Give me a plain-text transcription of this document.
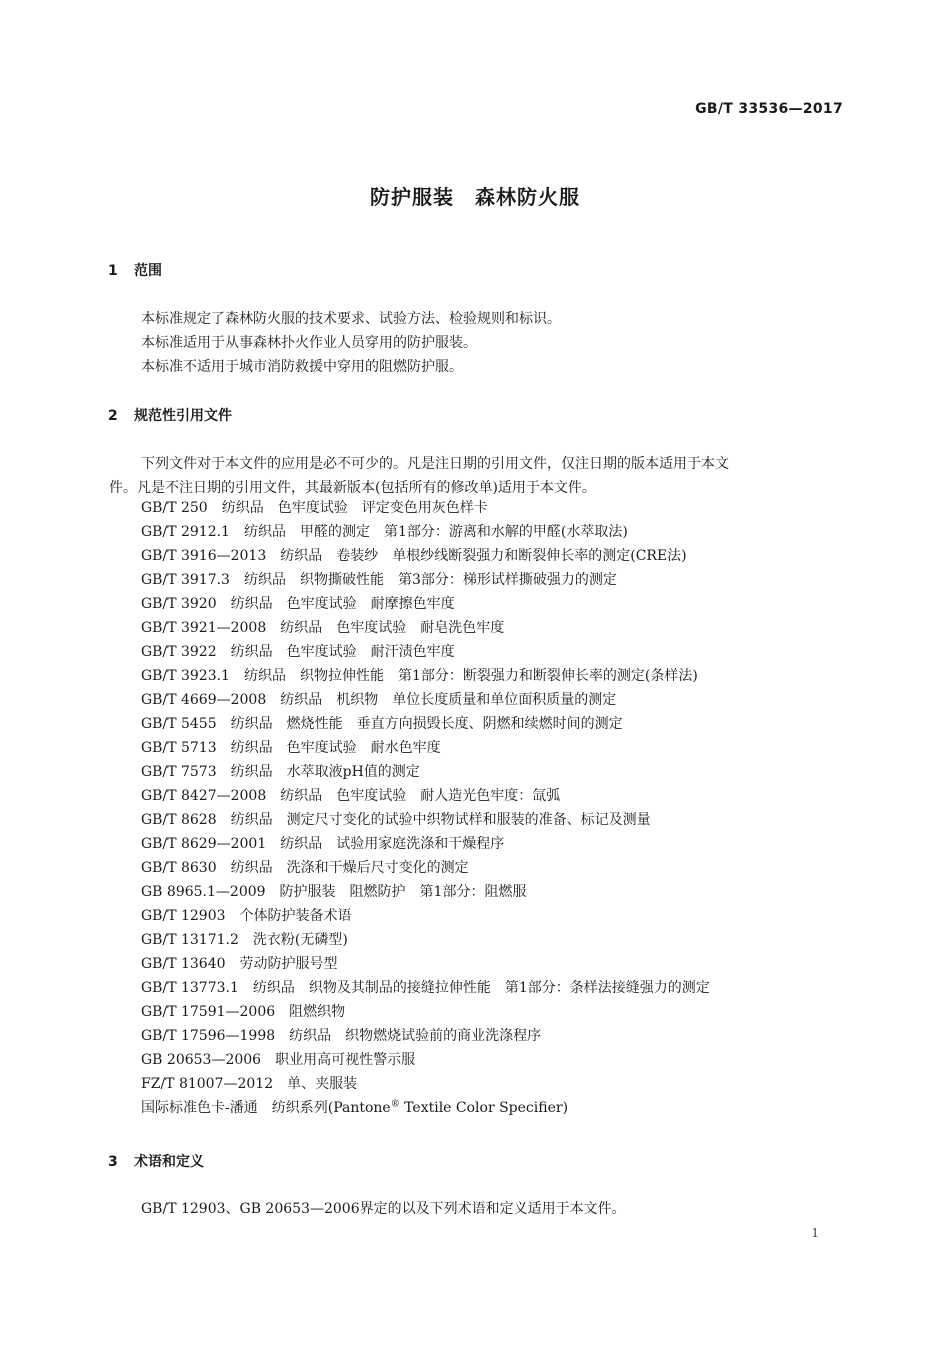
GB/T 33536—2017
防护服装　森林防火服
1 范围
本标准规定了森林防火服的技术要求、试验方法、检验规则和标识。
本标准适用于从事森林扑火作业人员穿用的防护服装。
本标准不适用于城市消防救援中穿用的阻燃防护服。
2 规范性引用文件
下列文件对于本文件的应用是必不可少的。凡是注日期的引用文件，仅注日期的版本适用于本文
件。凡是不注日期的引用文件，其最新版本(包括所有的修改单)适用于本文件。
GB/T 250　纺织品　色牢度试验　评定变色用灰色样卡
GB/T 2912.1　纺织品　甲醛的测定　第1部分：游离和水解的甲醛(水萃取法)
GB/T 3916—2013　纺织品　卷装纱　单根纱线断裂强力和断裂伸长率的测定(CRE法)
GB/T 3917.3　纺织品　织物撕破性能　第3部分：梯形试样撕破强力的测定
GB/T 3920　纺织品　色牢度试验　耐摩擦色牢度
GB/T 3921—2008　纺织品　色牢度试验　耐皂洗色牢度
GB/T 3922　纺织品　色牢度试验　耐汗渍色牢度
GB/T 3923.1　纺织品　织物拉伸性能　第1部分：断裂强力和断裂伸长率的测定(条样法)
GB/T 4669—2008　纺织品　机织物　单位长度质量和单位面积质量的测定
GB/T 5455　纺织品　燃烧性能　垂直方向损毁长度、阴燃和续燃时间的测定
GB/T 5713　纺织品　色牢度试验　耐水色牢度
GB/T 7573　纺织品　水萃取液pH值的测定
GB/T 8427—2008　纺织品　色牢度试验　耐人造光色牢度：氙弧
GB/T 8628　纺织品　测定尺寸变化的试验中织物试样和服装的准备、标记及测量
GB/T 8629—2001　纺织品　试验用家庭洗涤和干燥程序
GB/T 8630　纺织品　洗涤和干燥后尺寸变化的测定
GB 8965.1—2009　防护服装　阻燃防护　第1部分：阻燃服
GB/T 12903　个体防护装备术语
GB/T 13171.2　洗衣粉(无磷型)
GB/T 13640　劳动防护服号型
GB/T 13773.1　纺织品　织物及其制品的接缝拉伸性能　第1部分：条样法接缝强力的测定
GB/T 17591—2006　阻燃织物
GB/T 17596—1998　纺织品　织物燃烧试验前的商业洗涤程序
GB 20653—2006　职业用高可视性警示服
FZ/T 81007—2012　单、夹服装
国际标准色卡-潘通　纺织系列(Pantone® Textile Color Specifier)
3 术语和定义
GB/T 12903、GB 20653—2006界定的以及下列术语和定义适用于本文件。
1
